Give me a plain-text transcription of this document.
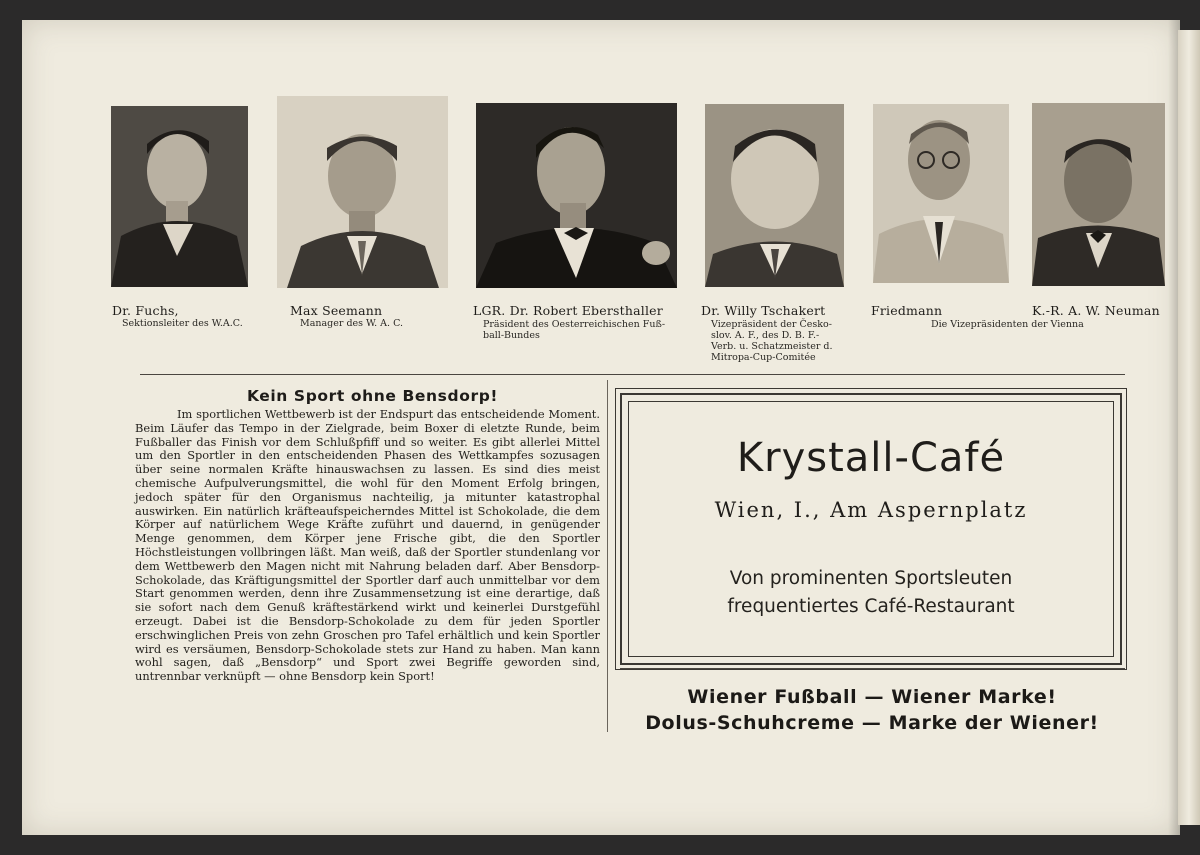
Dr. Fuchs,
Sektionsleiter des W.A.C.
Max Seemann
Manager des W. A. C.
LGR. Dr. Robert Ebersthaller
Präsident des Oesterreichischen Fuß-
ball-Bundes
Dr. Willy Tschakert
Vizepräsident der Česko-
slov. A. F., des D. B. F.-
Verb. u. Schatzmeister d.
Mitropa-Cup-Comitée
Friedmann	K.-R. A. W. Neuman
Die Vizepräsidenten der Vienna
Kein Sport ohne Bensdorp!
Im sportlichen Wettbewerb ist der Endspurt das entscheidende Moment. Beim Läufer das Tempo in der Zielgrade, beim Boxer di eletzte Runde, beim Fußballer das Finish vor dem Schlußpfiff und so weiter. Es gibt allerlei Mittel um den Sportler in den entscheidenden Phasen des Wettkampfes sozusagen über seine normalen Kräfte hinauswachsen zu lassen. Es sind dies meist chemische Aufpulverungsmittel, die wohl für den Moment Erfolg bringen, jedoch später für den Organismus nachteilig, ja mitunter katastrophal auswirken. Ein natürlich kräfteaufspeicherndes Mittel ist Schokolade, die dem Körper auf natürlichem Wege Kräfte zuführt und dauernd, in genügender Menge genommen, dem Körper jene Frische gibt, die den Sportler Höchstleistungen vollbringen läßt. Man weiß, daß der Sportler stundenlang vor dem Wettbewerb den Magen nicht mit Nahrung beladen darf. Aber Bensdorp-Schokolade, das Kräftigungsmittel der Sportler darf auch unmittelbar vor dem Start genommen werden, denn ihre Zusammensetzung ist eine derartige, daß sie sofort nach dem Genuß kräftestärkend wirkt und keinerlei Durstgefühl erzeugt. Dabei ist die Bensdorp-Schokolade zu dem für jeden Sportler erschwinglichen Preis von zehn Groschen pro Tafel erhältlich und kein Sportler wird es versäumen, Bensdorp-Schokolade stets zur Hand zu haben. Man kann wohl sagen, daß „Bensdorp“ und Sport zwei Begriffe geworden sind, untrennbar verknüpft — ohne Bensdorp kein Sport!
Krystall-Café
Wien, I., Am Aspernplatz
Von prominenten Sportsleuten
frequentiertes Café-Restaurant
Wiener Fußball — Wiener Marke!
Dolus-Schuhcreme — Marke der Wiener!
